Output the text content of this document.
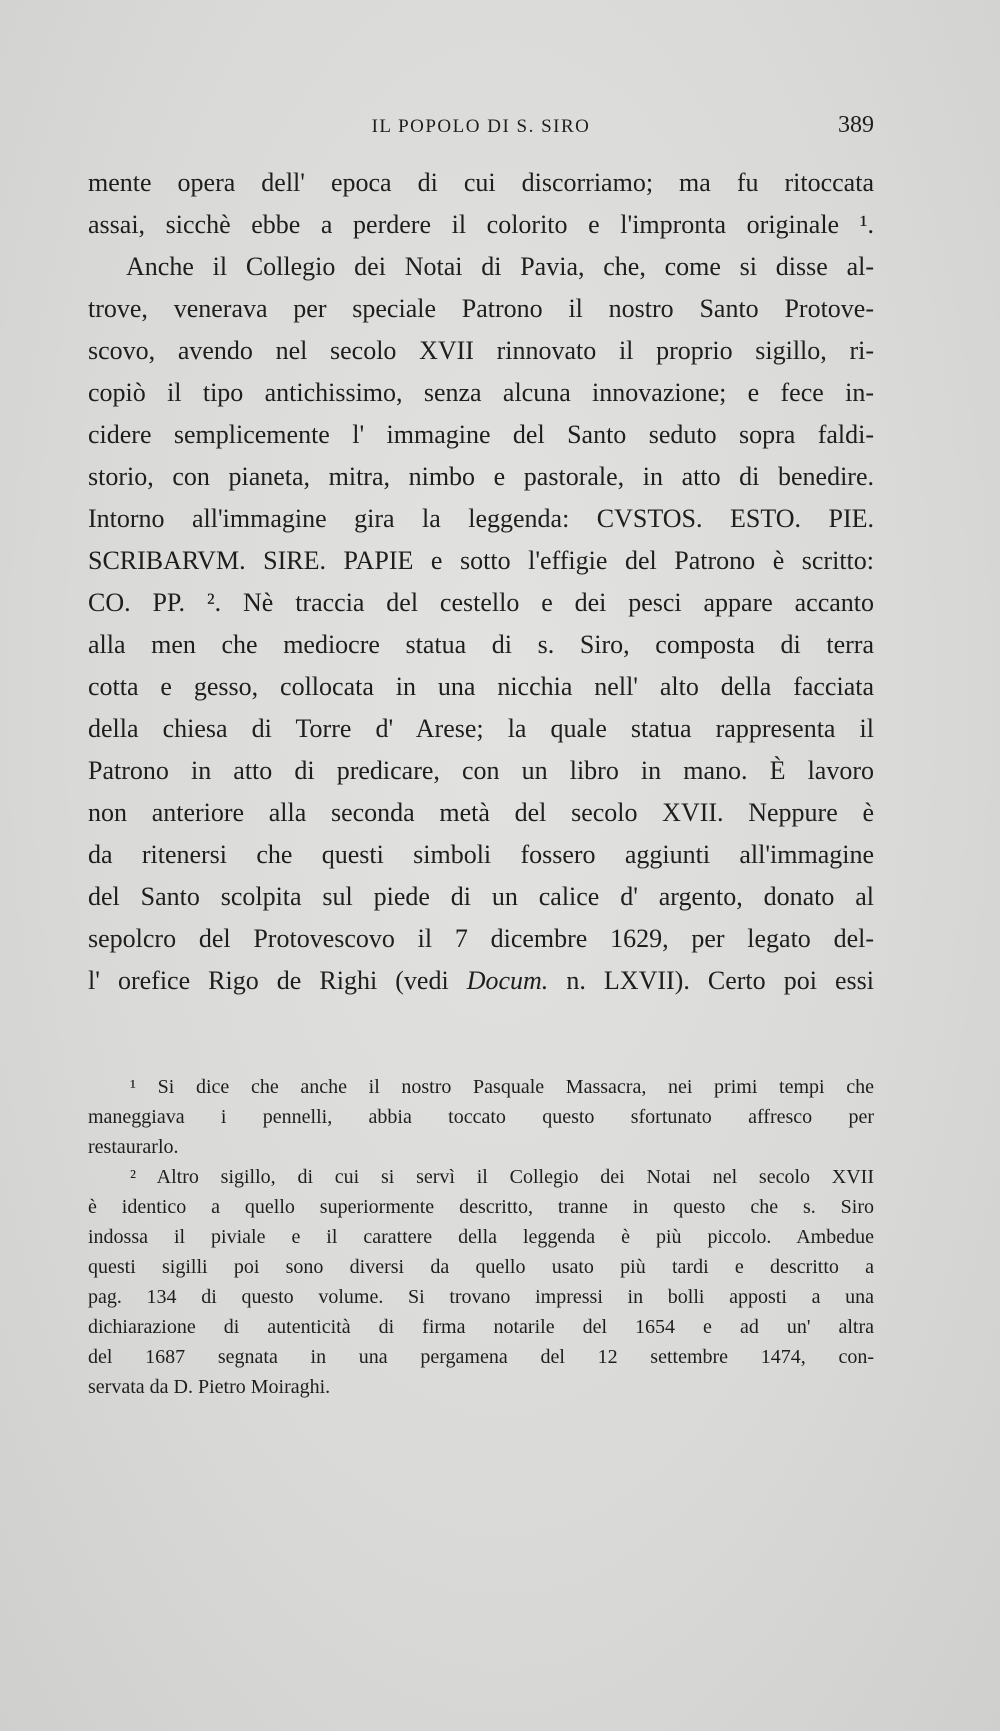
IL POPOLO DI S. SIRO	389
mente opera dell' epoca di cui discorriamo; ma fu ritoccata
assai, sicchè ebbe a perdere il colorito e l'impronta originale ¹.
Anche il Collegio dei Notai di Pavia, che, come si disse al-
trove, venerava per speciale Patrono il nostro Santo Protove-
scovo, avendo nel secolo XVII rinnovato il proprio sigillo, ri-
copiò il tipo antichissimo, senza alcuna innovazione; e fece in-
cidere semplicemente l' immagine del Santo seduto sopra faldi-
storio, con pianeta, mitra, nimbo e pastorale, in atto di benedire.
Intorno all'immagine gira la leggenda: CVSTOS. ESTO. PIE.
SCRIBARVM. SIRE. PAPIE e sotto l'effigie del Patrono è scritto:
CO. PP. ². Nè traccia del cestello e dei pesci appare accanto
alla men che mediocre statua di s. Siro, composta di terra
cotta e gesso, collocata in una nicchia nell' alto della facciata
della chiesa di Torre d' Arese; la quale statua rappresenta il
Patrono in atto di predicare, con un libro in mano. È lavoro
non anteriore alla seconda metà del secolo XVII. Neppure è
da ritenersi che questi simboli fossero aggiunti all'immagine
del Santo scolpita sul piede di un calice d' argento, donato al
sepolcro del Protovescovo il 7 dicembre 1629, per legato del-
l' orefice Rigo de Righi (vedi Docum. n. LXVII). Certo poi essi
¹ Si dice che anche il nostro Pasquale Massacra, nei primi tempi che
maneggiava i pennelli, abbia toccato questo sfortunato affresco per
restaurarlo.
² Altro sigillo, di cui si servì il Collegio dei Notai nel secolo XVII
è identico a quello superiormente descritto, tranne in questo che s. Siro
indossa il piviale e il carattere della leggenda è più piccolo. Ambedue
questi sigilli poi sono diversi da quello usato più tardi e descritto a
pag. 134 di questo volume. Si trovano impressi in bolli apposti a una
dichiarazione di autenticità di firma notarile del 1654 e ad un' altra
del 1687 segnata in una pergamena del 12 settembre 1474, con-
servata da D. Pietro Moiraghi.
